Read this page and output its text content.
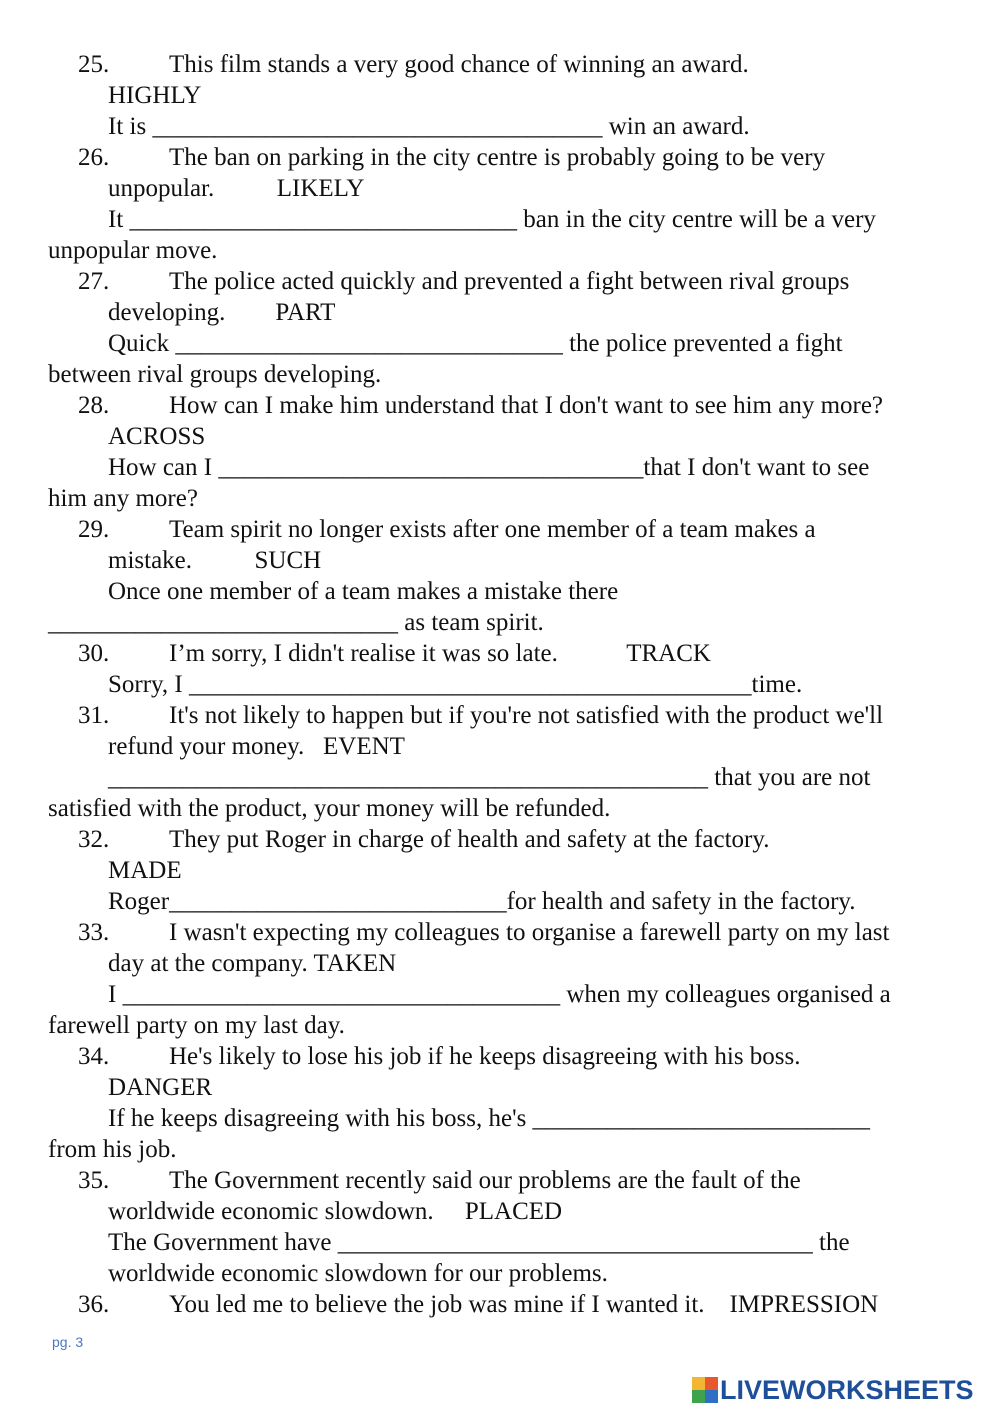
25. This film stands a very good chance of winning an award.
HIGHLY
It is ____________________________________ win an award.
26. The ban on parking in the city centre is probably going to be very
unpopular.          LIKELY
It _______________________________ ban in the city centre will be a very
unpopular move.
27. The police acted quickly and prevented a fight between rival groups
developing.        PART
Quick _______________________________ the police prevented a fight
between rival groups developing.
28. How can I make him understand that I don't want to see him any more?
ACROSS
How can I __________________________________that I don't want to see
him any more?
29. Team spirit no longer exists after one member of a team makes a
mistake.          SUCH
Once one member of a team makes a mistake there
____________________________ as team spirit.
30. I’m sorry, I didn't realise it was so late.           TRACK
Sorry, I _____________________________________________time.
31. It's not likely to happen but if you're not satisfied with the product we'll
refund your money.   EVENT
________________________________________________ that you are not
satisfied with the product, your money will be refunded.
32. They put Roger in charge of health and safety at the factory.
MADE
Roger___________________________for health and safety in the factory.
33. I wasn't expecting my colleagues to organise a farewell party on my last
day at the company. TAKEN
I ___________________________________ when my colleagues organised a
farewell party on my last day.
34. He's likely to lose his job if he keeps disagreeing with his boss.
DANGER
If he keeps disagreeing with his boss, he's ___________________________
from his job.
35. The Government recently said our problems are the fault of the
worldwide economic slowdown.     PLACED
The Government have ______________________________________ the
worldwide economic slowdown for our problems.
36. You led me to believe the job was mine if I wanted it.    IMPRESSION
pg. 3
LIVEWORKSHEETS
